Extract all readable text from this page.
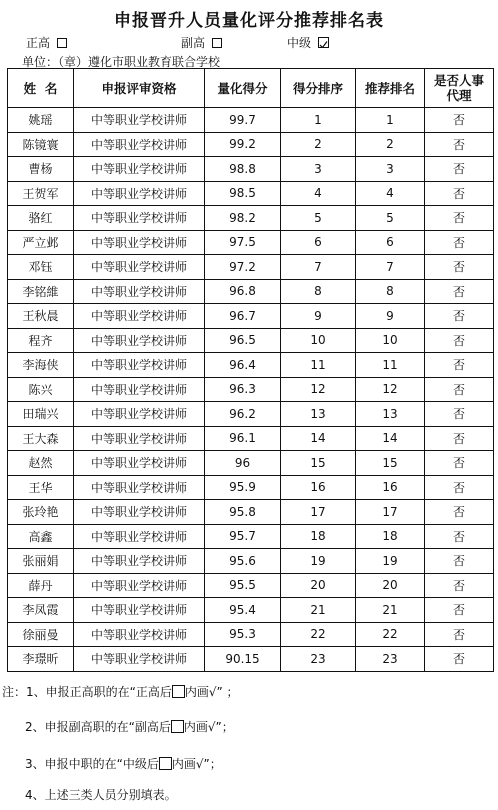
申报晋升人员量化评分推荐排名表
正高	副高	中级
单位：（章）遵化市职业教育联合学校
姓  名	申报评审资格	量化得分	得分排序	推荐排名	是否人事
代理

姚瑶	中等职业学校讲师	99.7	1	1	否
陈镜寰	中等职业学校讲师	99.2	2	2	否
曹杨	中等职业学校讲师	98.8	3	3	否
王贺军	中等职业学校讲师	98.5	4	4	否
骆红	中等职业学校讲师	98.2	5	5	否
严立邺	中等职业学校讲师	97.5	6	6	否
邓钰	中等职业学校讲师	97.2	7	7	否
李铭維	中等职业学校讲师	96.8	8	8	否
王秋晨	中等职业学校讲师	96.7	9	9	否
程齐	中等职业学校讲师	96.5	10	10	否
李海侠	中等职业学校讲师	96.4	11	11	否
陈兴	中等职业学校讲师	96.3	12	12	否
田瑞兴	中等职业学校讲师	96.2	13	13	否
王大森	中等职业学校讲师	96.1	14	14	否
赵然	中等职业学校讲师	96	15	15	否
王华	中等职业学校讲师	95.9	16	16	否
张玲艳	中等职业学校讲师	95.8	17	17	否
高鑫	中等职业学校讲师	95.7	18	18	否
张丽娟	中等职业学校讲师	95.6	19	19	否
薛丹	中等职业学校讲师	95.5	20	20	否
李凤霞	中等职业学校讲师	95.4	21	21	否
徐丽曼	中等职业学校讲师	95.3	22	22	否
李璟昕	中等职业学校讲师	90.15	23	23	否
注：1、申报正高职的在“正高后 内画√” ；
2、申报副高职的在“副高后 内画√”；
3、申报中职的在“中级后 内画√”；
4、上述三类人员分别填表。
